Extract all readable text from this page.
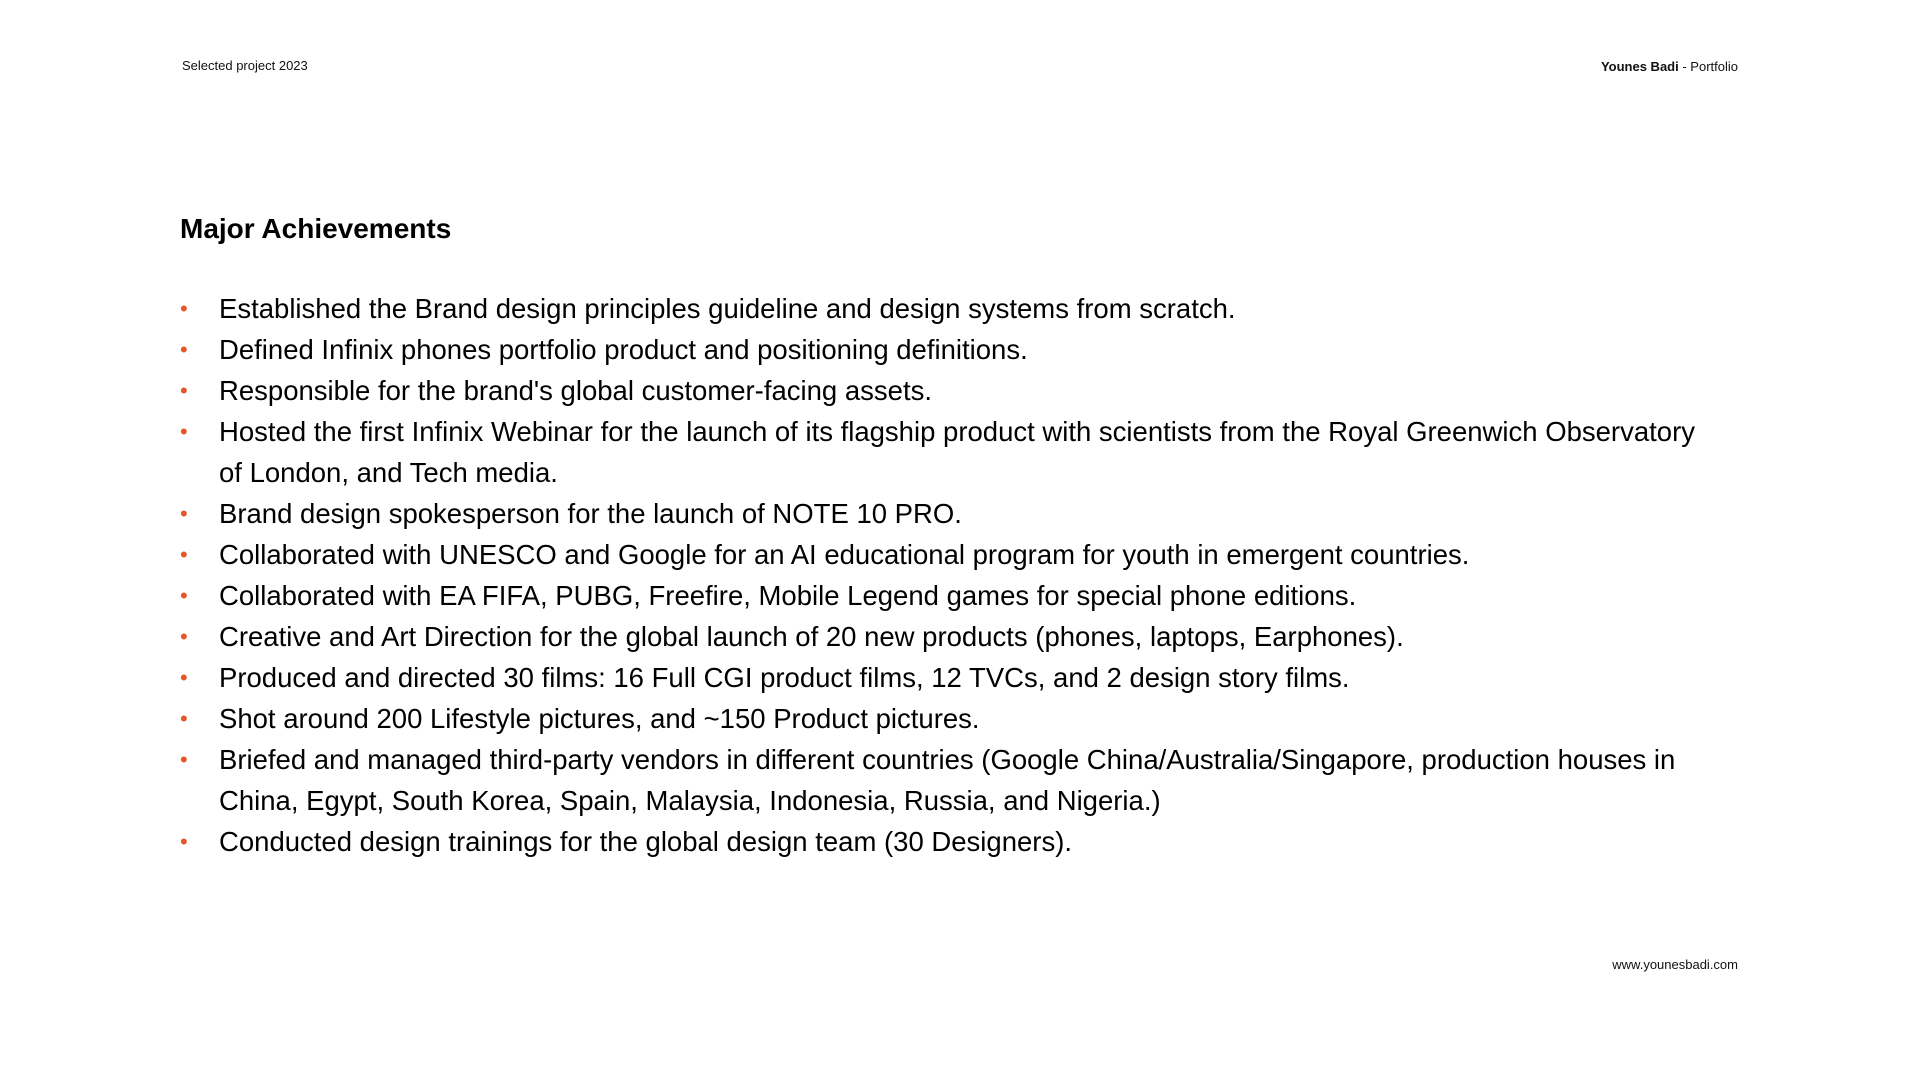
Selected project 2023	Younes Badi - Portfolio
Major Achievements
• Established the Brand design principles guideline and design systems from scratch.
• Defined Infinix phones portfolio product and positioning definitions.
• Responsible for the brand's global customer-facing assets.
• Hosted the first Infinix Webinar for the launch of its flagship product with scientists from the Royal Greenwich Observatory of London, and Tech media.
• Brand design spokesperson for the launch of NOTE 10 PRO.
• Collaborated with UNESCO and Google for an AI educational program for youth in emergent countries.
• Collaborated with EA FIFA, PUBG, Freefire, Mobile Legend games for special phone editions.
• Creative and Art Direction for the global launch of 20 new products (phones, laptops, Earphones).
• Produced and directed 30 films: 16 Full CGI product films, 12 TVCs, and 2 design story films.
• Shot around 200 Lifestyle pictures, and ~150 Product pictures.
• Briefed and managed third-party vendors in different countries (Google China/Australia/Singapore, production houses in China, Egypt, South Korea, Spain, Malaysia, Indonesia, Russia, and Nigeria.)
• Conducted design trainings for the global design team (30 Designers).
www.younesbadi.com
